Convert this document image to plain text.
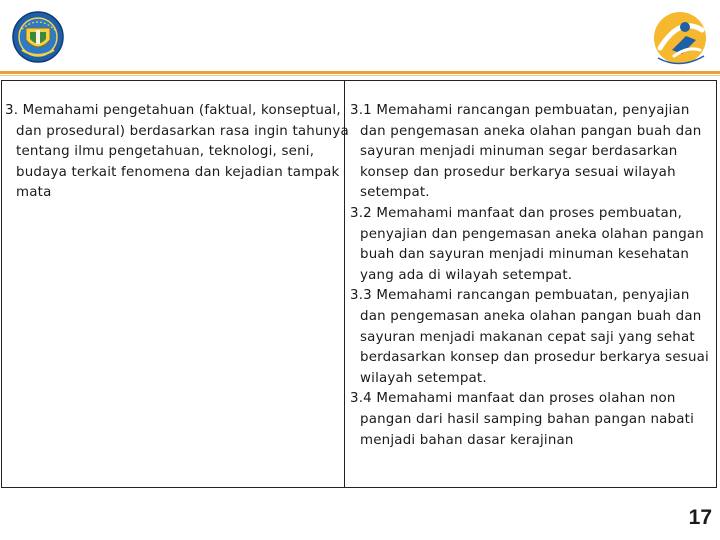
3. Memahami pengetahuan (faktual, konseptual, dan prosedural) berdasarkan rasa ingin tahunya tentang ilmu pengetahuan, teknologi, seni, budaya terkait fenomena dan kejadian tampak mata

3.1 Memahami rancangan pembuatan, penyajian dan pengemasan aneka olahan pangan buah dan sayuran menjadi minuman segar berdasarkan konsep dan prosedur berkarya sesuai wilayah setempat.

3.2 Memahami manfaat dan proses pembuatan, penyajian dan pengemasan aneka olahan pangan buah dan sayuran menjadi minuman kesehatan yang ada di wilayah setempat.

3.3 Memahami rancangan pembuatan, penyajian dan pengemasan aneka olahan pangan buah dan sayuran menjadi makanan cepat saji yang sehat berdasarkan konsep dan prosedur berkarya sesuai wilayah setempat.

3.4 Memahami manfaat dan proses olahan non pangan dari hasil samping bahan pangan nabati menjadi bahan dasar kerajinan

17
